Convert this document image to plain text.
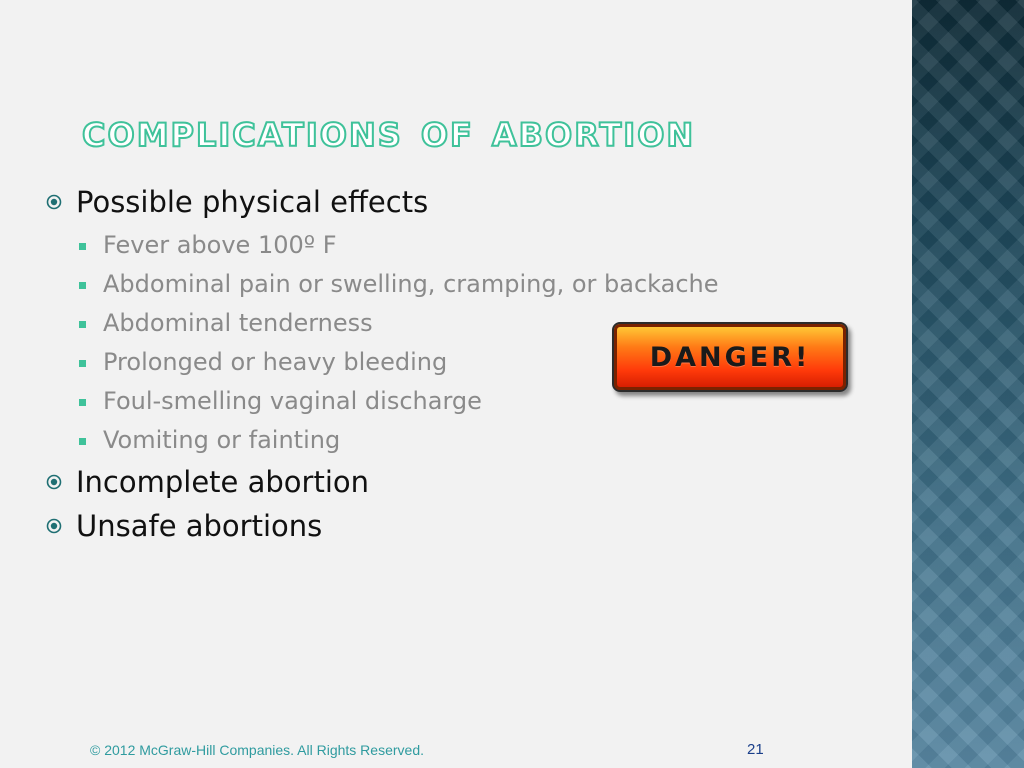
complications of abortion
Possible physical effects
Fever above 100º F
Abdominal pain or swelling, cramping, or backache
Abdominal tenderness
Prolonged or heavy bleeding
Foul-smelling vaginal discharge
Vomiting or fainting
Incomplete abortion
Unsafe abortions
DANGER!
© 2012 McGraw-Hill Companies. All Rights Reserved.	21
